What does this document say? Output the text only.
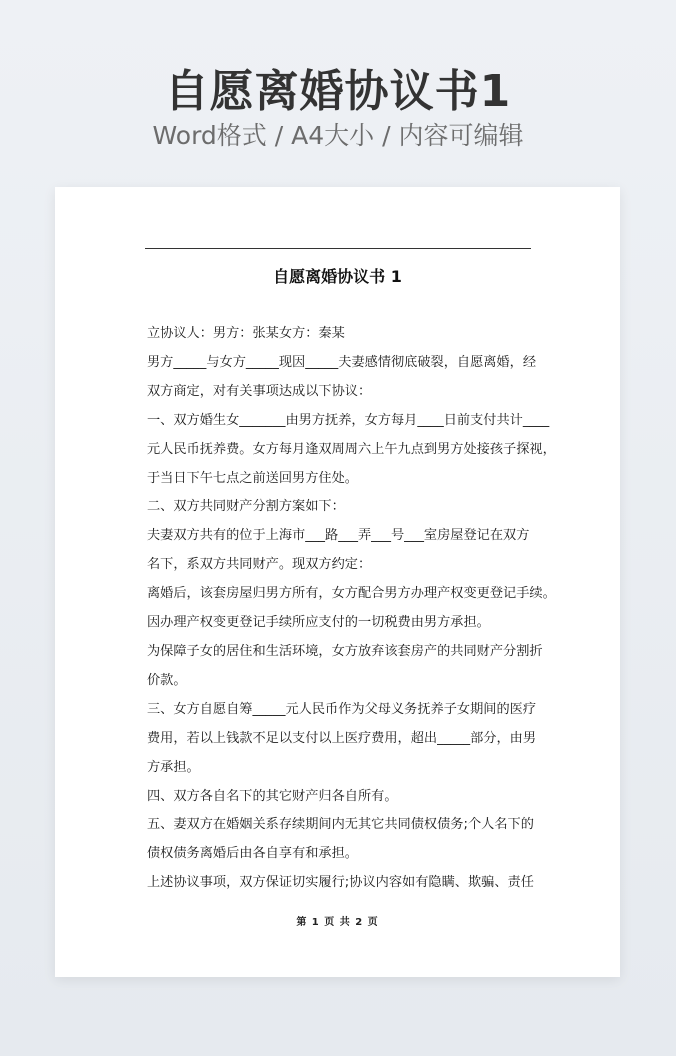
自愿离婚协议书1
Word格式 / A4大小 / 内容可编辑
自愿离婚协议书 1

立协议人：男方：张某女方：秦某

男方_____与女方_____现因_____夫妻感情彻底破裂，自愿离婚，经

双方商定，对有关事项达成以下协议：

一、双方婚生女_______由男方抚养，女方每月____日前支付共计____

元人民币抚养费。女方每月逢双周周六上午九点到男方处接孩子探视，

于当日下午七点之前送回男方住处。

二、双方共同财产分割方案如下：

夫妻双方共有的位于上海市___路___弄___号___室房屋登记在双方

名下，系双方共同财产。现双方约定：

离婚后，该套房屋归男方所有，女方配合男方办理产权变更登记手续。

因办理产权变更登记手续所应支付的一切税费由男方承担。

为保障子女的居住和生活环境，女方放弃该套房产的共同财产分割折

价款。

三、女方自愿自筹_____元人民币作为父母义务抚养子女期间的医疗

费用，若以上钱款不足以支付以上医疗费用，超出_____部分，由男

方承担。

四、双方各自名下的其它财产归各自所有。

五、妻双方在婚姻关系存续期间内无其它共同债权债务;个人名下的

债权债务离婚后由各自享有和承担。

上述协议事项，双方保证切实履行;协议内容如有隐瞒、欺骗、责任

第 1 页 共 2 页
